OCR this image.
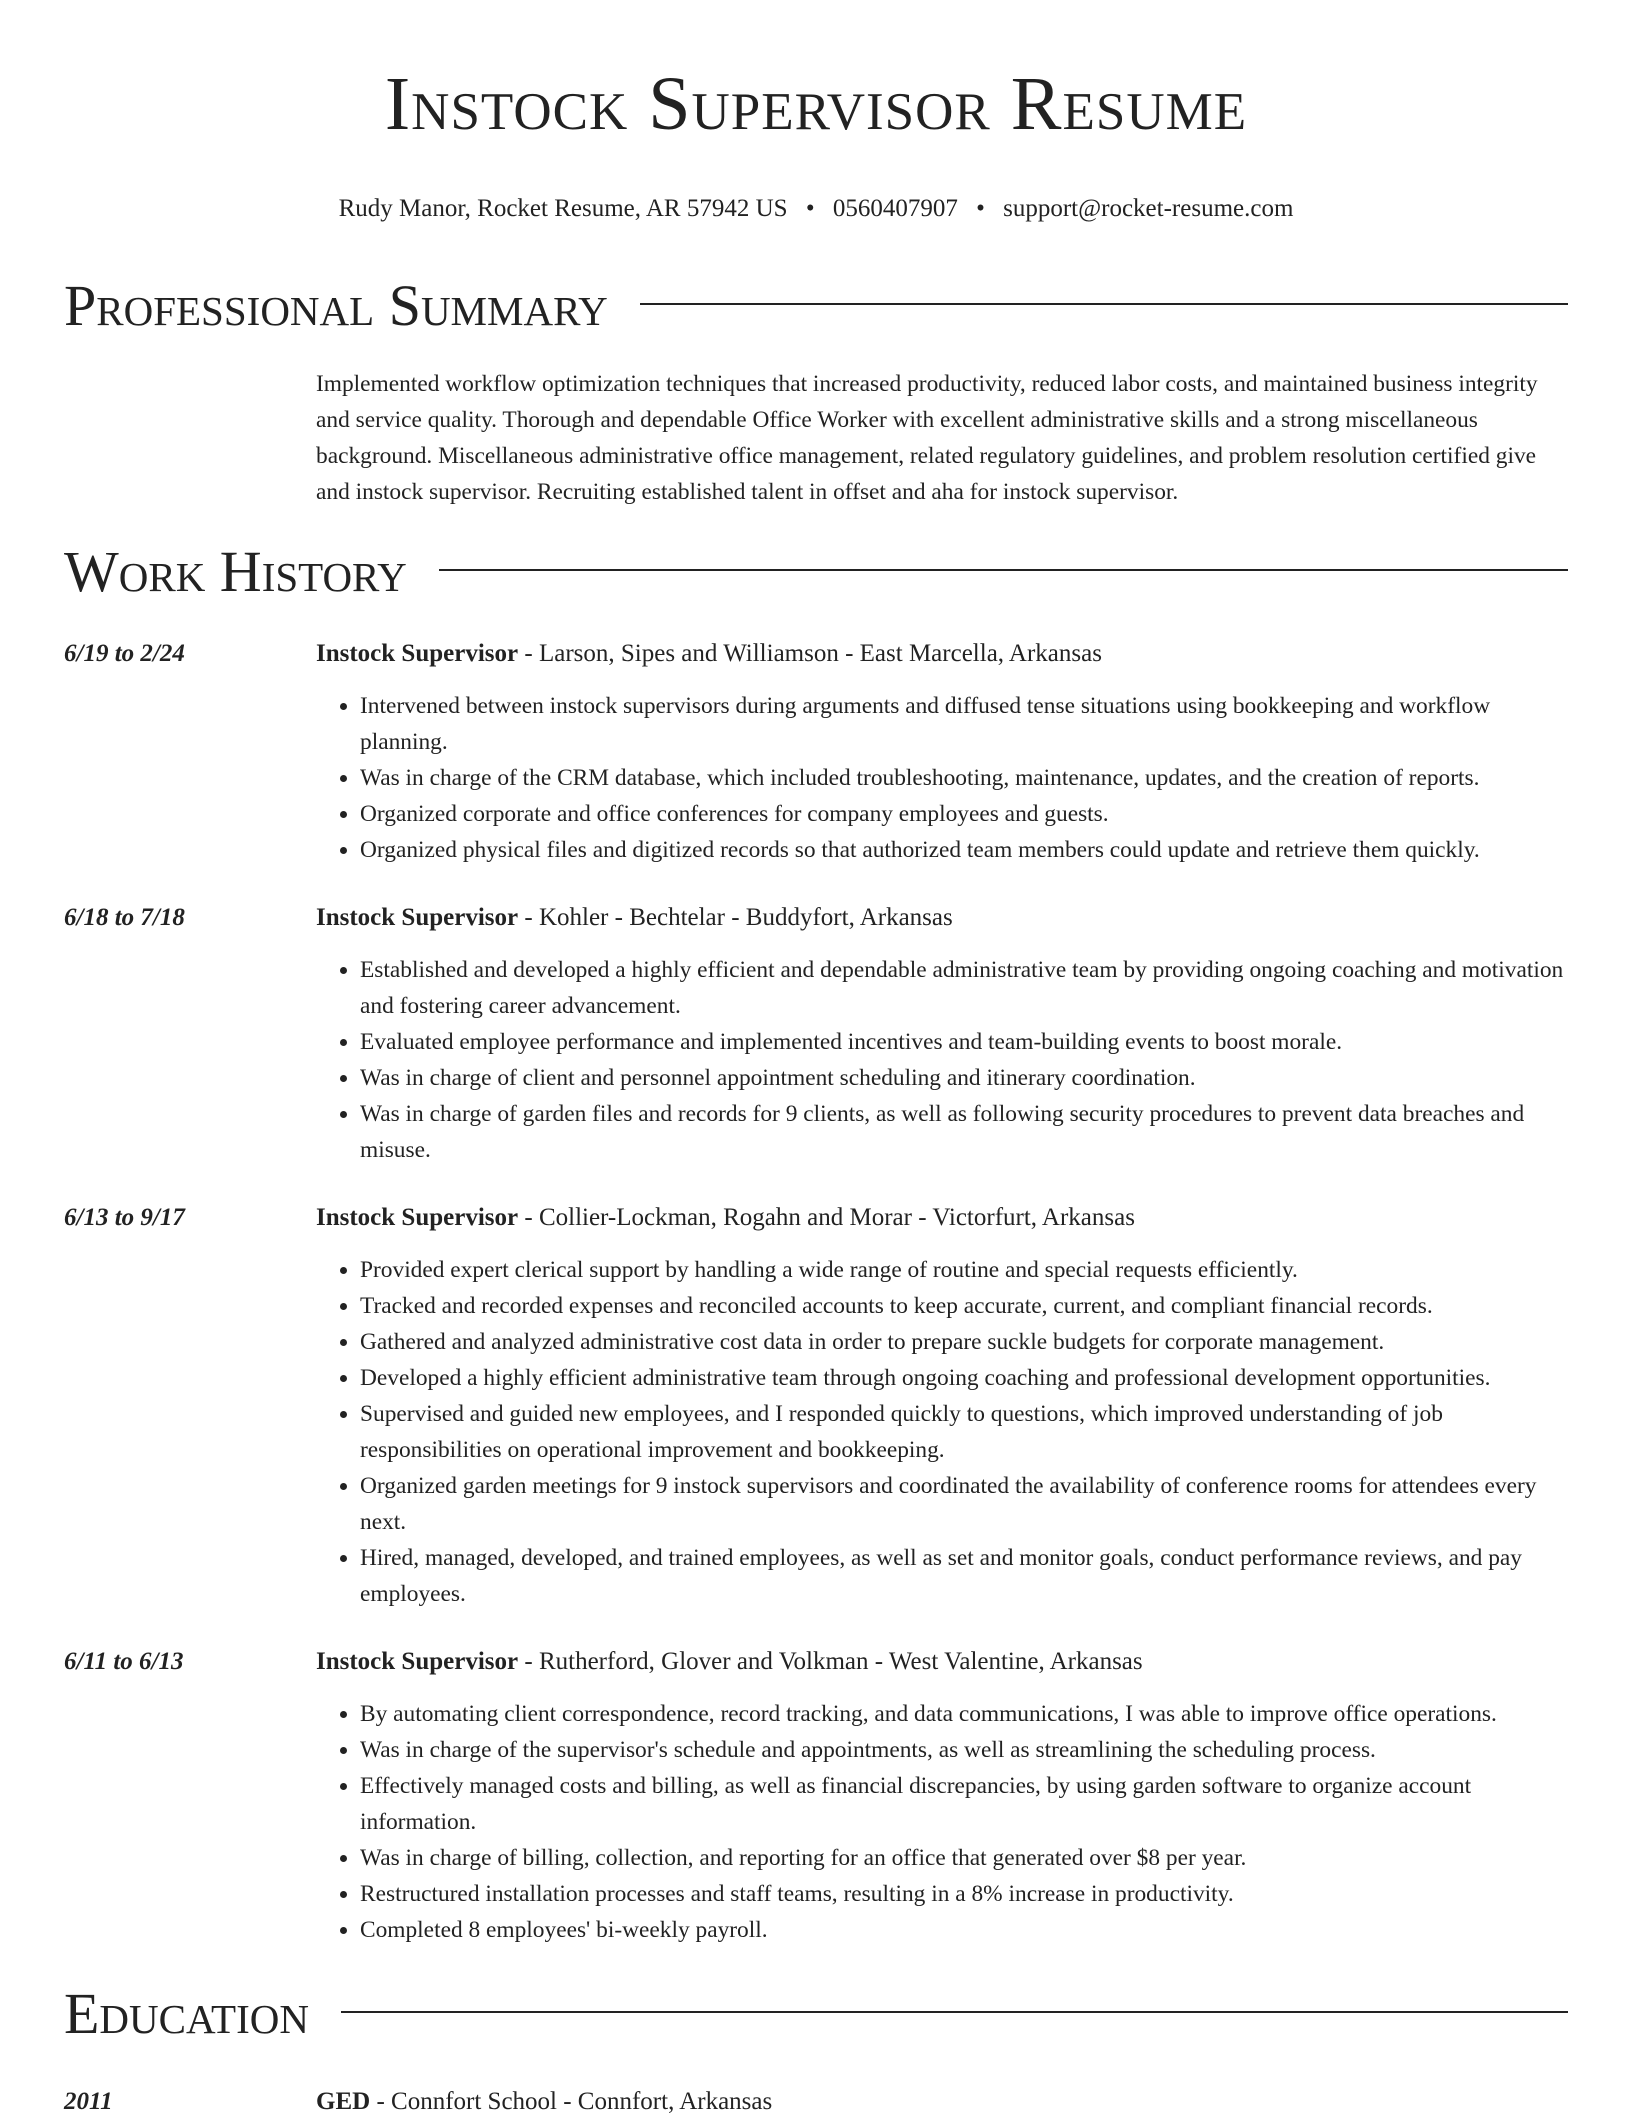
Instock Supervisor Resume
Rudy Manor, Rocket Resume, AR 57942 US • 0560407907 • support@rocket-resume.com
Professional Summary

Implemented workflow optimization techniques that increased productivity, reduced labor costs, and maintained business integrity and service quality. Thorough and dependable Office Worker with excellent administrative skills and a strong miscellaneous background. Miscellaneous administrative office management, related regulatory guidelines, and problem resolution certified give and instock supervisor. Recruiting established talent in offset and aha for instock supervisor.

Work History
6/19 to 2/24	Instock Supervisor - Larson, Sipes and Williamson - East Marcella, Arkansas
• Intervened between instock supervisors during arguments and diffused tense situations using bookkeeping and workflow planning.
• Was in charge of the CRM database, which included troubleshooting, maintenance, updates, and the creation of reports.
• Organized corporate and office conferences for company employees and guests.
• Organized physical files and digitized records so that authorized team members could update and retrieve them quickly.
6/18 to 7/18	Instock Supervisor - Kohler - Bechtelar - Buddyfort, Arkansas
• Established and developed a highly efficient and dependable administrative team by providing ongoing coaching and motivation and fostering career advancement.
• Evaluated employee performance and implemented incentives and team-building events to boost morale.
• Was in charge of client and personnel appointment scheduling and itinerary coordination.
• Was in charge of garden files and records for 9 clients, as well as following security procedures to prevent data breaches and misuse.
6/13 to 9/17	Instock Supervisor - Collier-Lockman, Rogahn and Morar - Victorfurt, Arkansas
• Provided expert clerical support by handling a wide range of routine and special requests efficiently.
• Tracked and recorded expenses and reconciled accounts to keep accurate, current, and compliant financial records.
• Gathered and analyzed administrative cost data in order to prepare suckle budgets for corporate management.
• Developed a highly efficient administrative team through ongoing coaching and professional development opportunities.
• Supervised and guided new employees, and I responded quickly to questions, which improved understanding of job responsibilities on operational improvement and bookkeeping.
• Organized garden meetings for 9 instock supervisors and coordinated the availability of conference rooms for attendees every next.
• Hired, managed, developed, and trained employees, as well as set and monitor goals, conduct performance reviews, and pay employees.
6/11 to 6/13	Instock Supervisor - Rutherford, Glover and Volkman - West Valentine, Arkansas
• By automating client correspondence, record tracking, and data communications, I was able to improve office operations.
• Was in charge of the supervisor's schedule and appointments, as well as streamlining the scheduling process.
• Effectively managed costs and billing, as well as financial discrepancies, by using garden software to organize account information.
• Was in charge of billing, collection, and reporting for an office that generated over $8 per year.
• Restructured installation processes and staff teams, resulting in a 8% increase in productivity.
• Completed 8 employees' bi-weekly payroll.
Education
2011	GED - Connfort School - Connfort, Arkansas
